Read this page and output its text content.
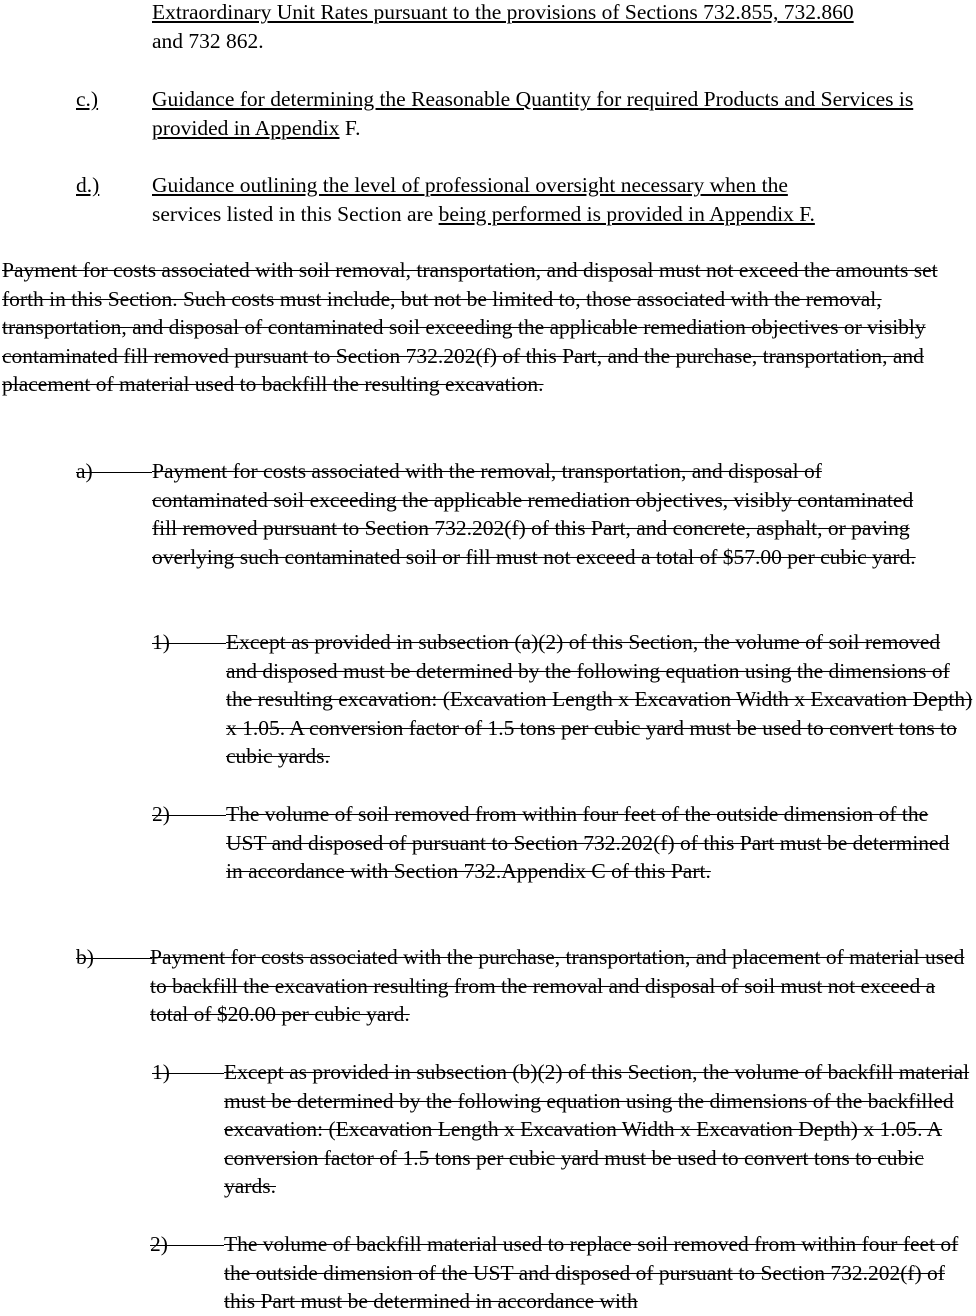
Extraordinary Unit Rates pursuant to the provisions of Sections 732.855, 732.860
and 732 862.
c.)	Guidance for determining the Reasonable Quantity for required Products and Services is provided in Appendix F.
d.) Guidance outlining the level of professional oversight necessary when the
services listed in this Section are being performed is provided in Appendix F.
Payment for costs associated with soil removal, transportation, and disposal must not exceed the amounts set forth in this Section. Such costs must include, but not be limited to, those associated with the removal, transportation, and disposal of contaminated soil exceeding the applicable remediation objectives or visibly contaminated fill removed pursuant to Section 732.202(f) of this Part, and the purchase, transportation, and placement of material used to backfill the resulting excavation.
a)	Payment for costs associated with the removal, transportation, and disposal of contaminated soil exceeding the applicable remediation objectives, visibly contaminated fill removed pursuant to Section 732.202(f) of this Part, and concrete, asphalt, or paving overlying such contaminated soil or fill must not exceed a total of $57.00 per cubic yard.
1)	Except as provided in subsection (a)(2) of this Section, the volume of soil removed and disposed must be determined by the following equation using the dimensions of the resulting excavation: (Excavation Length x Excavation Width x Excavation Depth) x 1.05. A conversion factor of 1.5 tons per cubic yard must be used to convert tons to cubic yards.
2)	The volume of soil removed from within four feet of the outside dimension of the UST and disposed of pursuant to Section 732.202(f) of this Part must be determined in accordance with Section 732.Appendix C of this Part.
b)	Payment for costs associated with the purchase, transportation, and placement of material used to backfill the excavation resulting from the removal and disposal of soil must not exceed a total of $20.00 per cubic yard.
1)	Except as provided in subsection (b)(2) of this Section, the volume of backfill material must be determined by the following equation using the dimensions of the backfilled excavation: (Excavation Length x Excavation Width x Excavation Depth) x 1.05. A conversion factor of 1.5 tons per cubic yard must be used to convert tons to cubic yards.
2)	The volume of backfill material used to replace soil removed from within four feet of the outside dimension of the UST and disposed of pursuant to Section 732.202(f) of this Part must be determined in accordance with
